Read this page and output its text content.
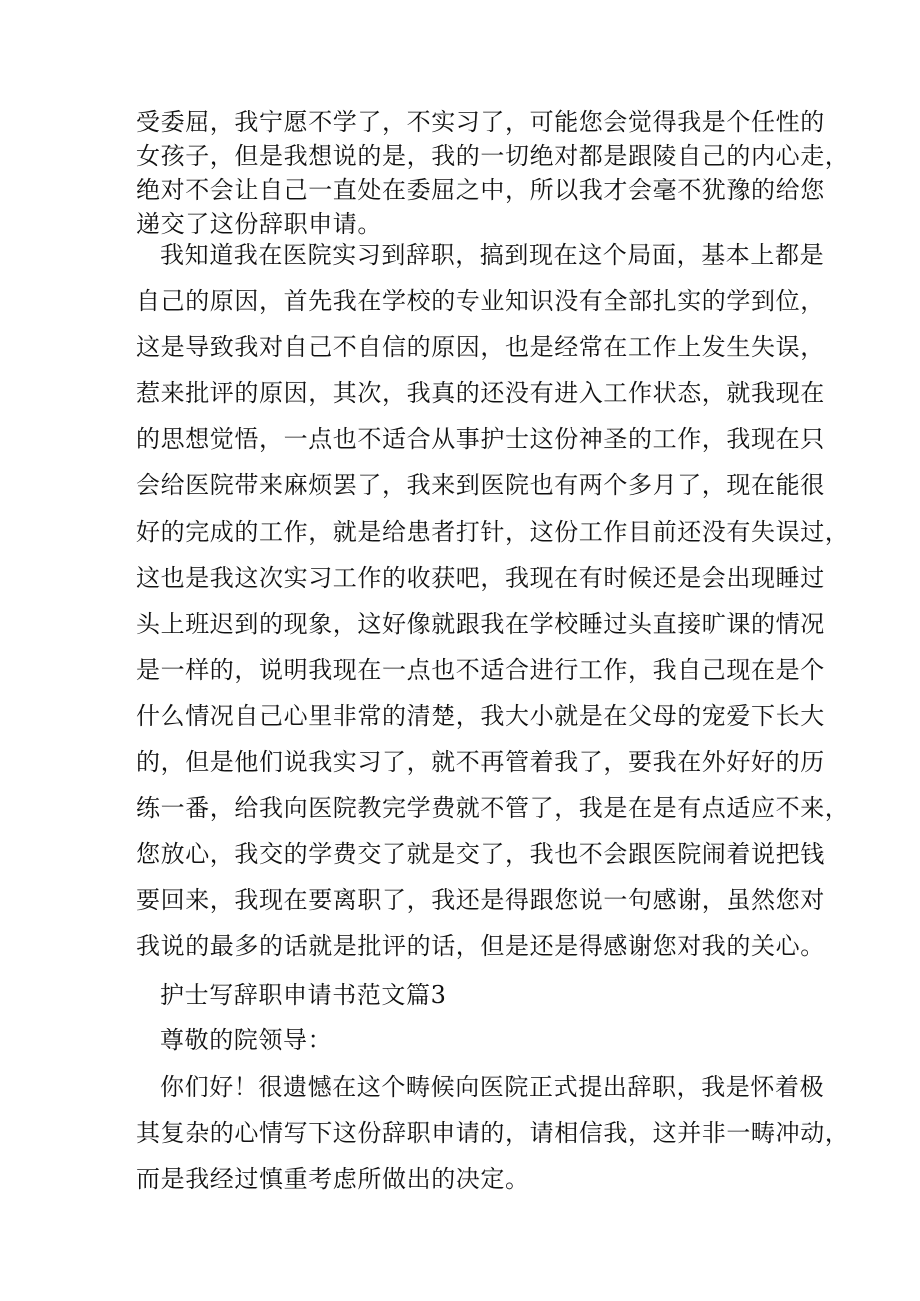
受委屈，我宁愿不学了，不实习了，可能您会觉得我是个任性的
女孩子，但是我想说的是，我的一切绝对都是跟陵自己的内心走，
绝对不会让自己一直处在委屈之中，所以我才会毫不犹豫的给您
递交了这份辞职申请。
我知道我在医院实习到辞职，搞到现在这个局面，基本上都是
自己的原因，首先我在学校的专业知识没有全部扎实的学到位，
这是导致我对自己不自信的原因，也是经常在工作上发生失误，
惹来批评的原因，其次，我真的还没有进入工作状态，就我现在
的思想觉悟，一点也不适合从事护士这份神圣的工作，我现在只
会给医院带来麻烦罢了，我来到医院也有两个多月了，现在能很
好的完成的工作，就是给患者打针，这份工作目前还没有失误过，
这也是我这次实习工作的收获吧，我现在有时候还是会出现睡过
头上班迟到的现象，这好像就跟我在学校睡过头直接旷课的情况
是一样的，说明我现在一点也不适合进行工作，我自己现在是个
什么情况自己心里非常的清楚，我大小就是在父母的宠爱下长大
的，但是他们说我实习了，就不再管着我了，要我在外好好的历
练一番，给我向医院教完学费就不管了，我是在是有点适应不来，
您放心，我交的学费交了就是交了，我也不会跟医院闹着说把钱
要回来，我现在要离职了，我还是得跟您说一句感谢，虽然您对
我说的最多的话就是批评的话，但是还是得感谢您对我的关心。
护士写辞职申请书范文篇3
尊敬的院领导：
你们好！很遗憾在这个畴候向医院正式提出辞职，我是怀着极
其复杂的心情写下这份辞职申请的，请相信我，这并非一畴冲动，
而是我经过慎重考虑所做出的决定。
